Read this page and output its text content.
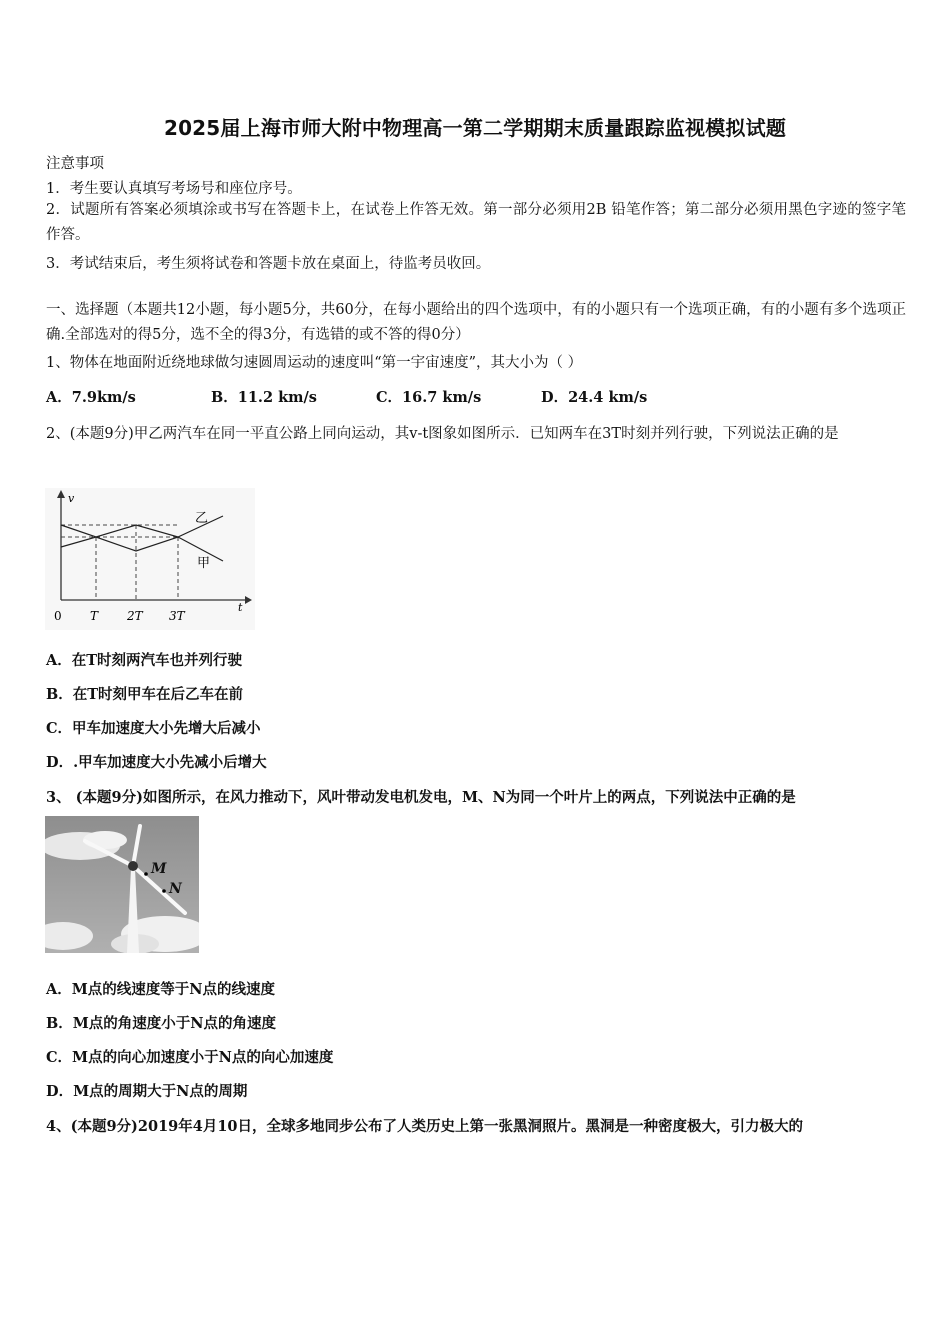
2025届上海市师大附中物理高一第二学期期末质量跟踪监视模拟试题
注意事项
1．考生要认真填写考场号和座位序号。
2．试题所有答案必须填涂或书写在答题卡上，在试卷上作答无效。第一部分必须用2B 铅笔作答；第二部分必须用黑色字迹的签字笔作答。
3．考试结束后，考生须将试卷和答题卡放在桌面上，待监考员收回。
一、选择题（本题共12小题，每小题5分，共60分，在每小题给出的四个选项中，有的小题只有一个选项正确，有的小题有多个选项正确.全部选对的得5分，选不全的得3分，有选错的或不答的得0分）
1、物体在地面附近绕地球做匀速圆周运动的速度叫“第一宇宙速度”，其大小为（ ）
A．7.9km/s	B．11.2 km/s	C．16.7 km/s	D．24.4 km/s
2、(本题9分)甲乙两汽车在同一平直公路上同向运动，其v-t图象如图所示．已知两车在3T时刻并列行驶，下列说法正确的是
v
t
乙
甲
0 T 2T 3T
A．在T时刻两汽车也并列行驶
B．在T时刻甲车在后乙车在前
C．甲车加速度大小先增大后减小
D．.甲车加速度大小先减小后增大
3、 (本题9分)如图所示，在风力推动下，风叶带动发电机发电，M、N为同一个叶片上的两点，下列说法中正确的是
M
N
A．M点的线速度等于N点的线速度
B．M点的角速度小于N点的角速度
C．M点的向心加速度小于N点的向心加速度
D．M点的周期大于N点的周期
4、(本题9分)2019年4月10日，全球多地同步公布了人类历史上第一张黑洞照片。黑洞是一种密度极大，引力极大的
